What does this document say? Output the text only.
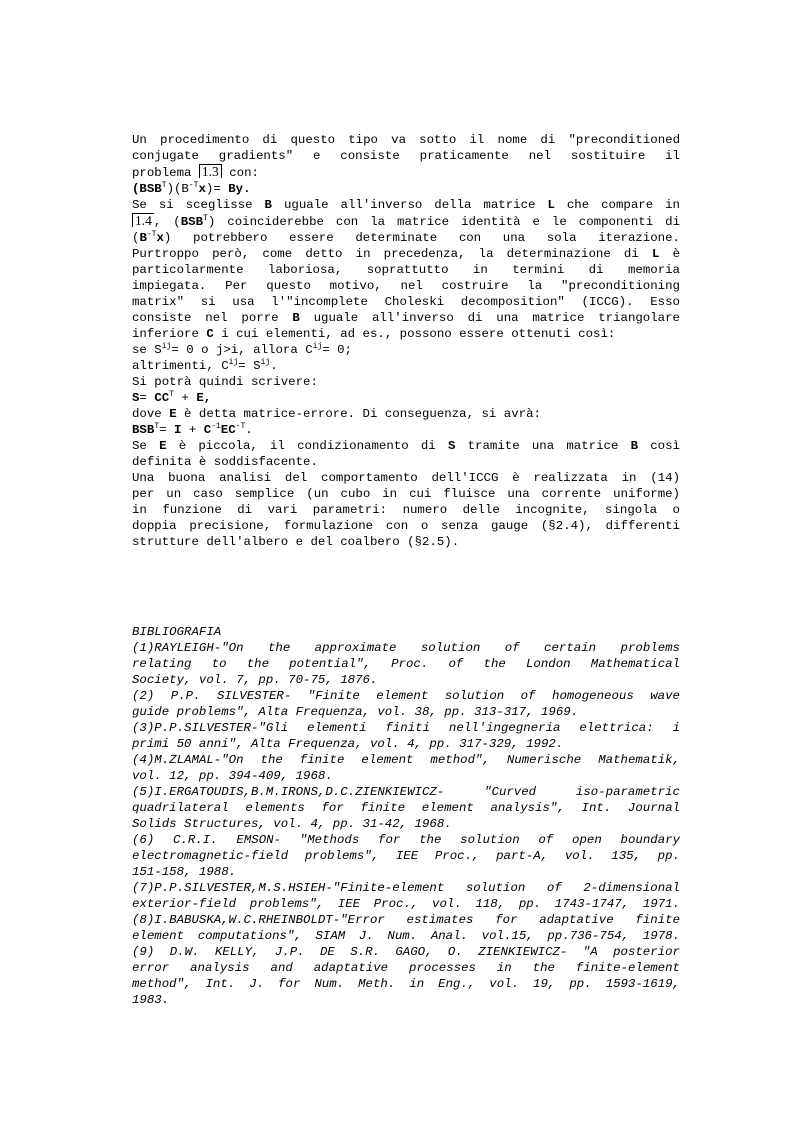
Un procedimento di questo tipo va sotto il nome di "preconditioned
conjugate gradients" e consiste praticamente nel sostituire il
problema 1.3 con:
$(BSB^T)(B^{-T}x)= By$.
Se si sceglisse B uguale all'inverso della matrice L che compare in
1.4 , $(BSB^T)$ coinciderebbe con la matrice identità e le componenti di
$(B^{-T}x)$ potrebbero essere determinate con una sola iterazione.
Purtroppo però, come detto in precedenza, la determinazione di L è
particolarmente laboriosa, soprattutto in termini di memoria
impiegata. Per questo motivo, nel costruire la "preconditioning
matrix" si usa l'"incomplete Choleski decomposition" (ICCG). Esso
consiste nel porre B uguale all'inverso di una matrice triangolare
inferiore C i cui elementi, ad es., possono essere ottenuti così:
se $S^{ij}= 0$ o j>i, allora $C^{ij}= 0$;
altrimenti, $C^{ij}= S^{ij}$.
Si potrà quindi scrivere:
$S= CC^T + E$,
dove E è detta matrice-errore. Di conseguenza, si avrà:
$BSB^T= I + C^{-1}EC^{-T}$.
Se E è piccola, il condizionamento di S tramite una matrice B così
definita è soddisfacente.
Una buona analisi del comportamento dell'ICCG è realizzata in (14)
per un caso semplice (un cubo in cui fluisce una corrente uniforme)
in funzione di vari parametri: numero delle incognite, singola o
doppia precisione, formulazione con o senza gauge (§2.4), differenti
strutture dell'albero e del coalbero (§2.5).
BIBLIOGRAFIA
(1)RAYLEIGH-"On the approximate solution of certain problems
relating to the potential", Proc. of the London Mathematical
Society, vol. 7, pp. 70-75, 1876.
(2) P.P. SILVESTER- "Finite element solution of homogeneous wave
guide problems", Alta Frequenza, vol. 38, pp. 313-317, 1969.
(3)P.P.SILVESTER-"Gli elementi finiti nell'ingegneria elettrica: i
primi 50 anni", Alta Frequenza, vol. 4, pp. 317-329, 1992.
(4)M.ZLAMAL-"On the finite element method", Numerische Mathematik,
vol. 12, pp. 394-409, 1968.
(5)I.ERGATOUDIS,B.M.IRONS,D.C.ZIENKIEWICZ- "Curved iso-parametric
quadrilateral elements for finite element analysis", Int. Journal
Solids Structures, vol. 4, pp. 31-42, 1968.
(6) C.R.I. EMSON- "Methods for the solution of open boundary
electromagnetic-field problems", IEE Proc., part-A, vol. 135, pp.
151-158, 1988.
(7)P.P.SILVESTER,M.S.HSIEH-"Finite-element solution of 2-dimensional
exterior-field problems", IEE Proc., vol. 118, pp. 1743-1747, 1971.
(8)I.BABUSKA,W.C.RHEINBOLDT-"Error estimates for adaptative finite
element computations", SIAM J. Num. Anal. vol.15, pp.736-754, 1978.
(9) D.W. KELLY, J.P. DE S.R. GAGO, O. ZIENKIEWICZ- "A posterior
error analysis and adaptative processes in the finite-element
method", Int. J. for Num. Meth. in Eng., vol. 19, pp. 1593-1619,
1983.
